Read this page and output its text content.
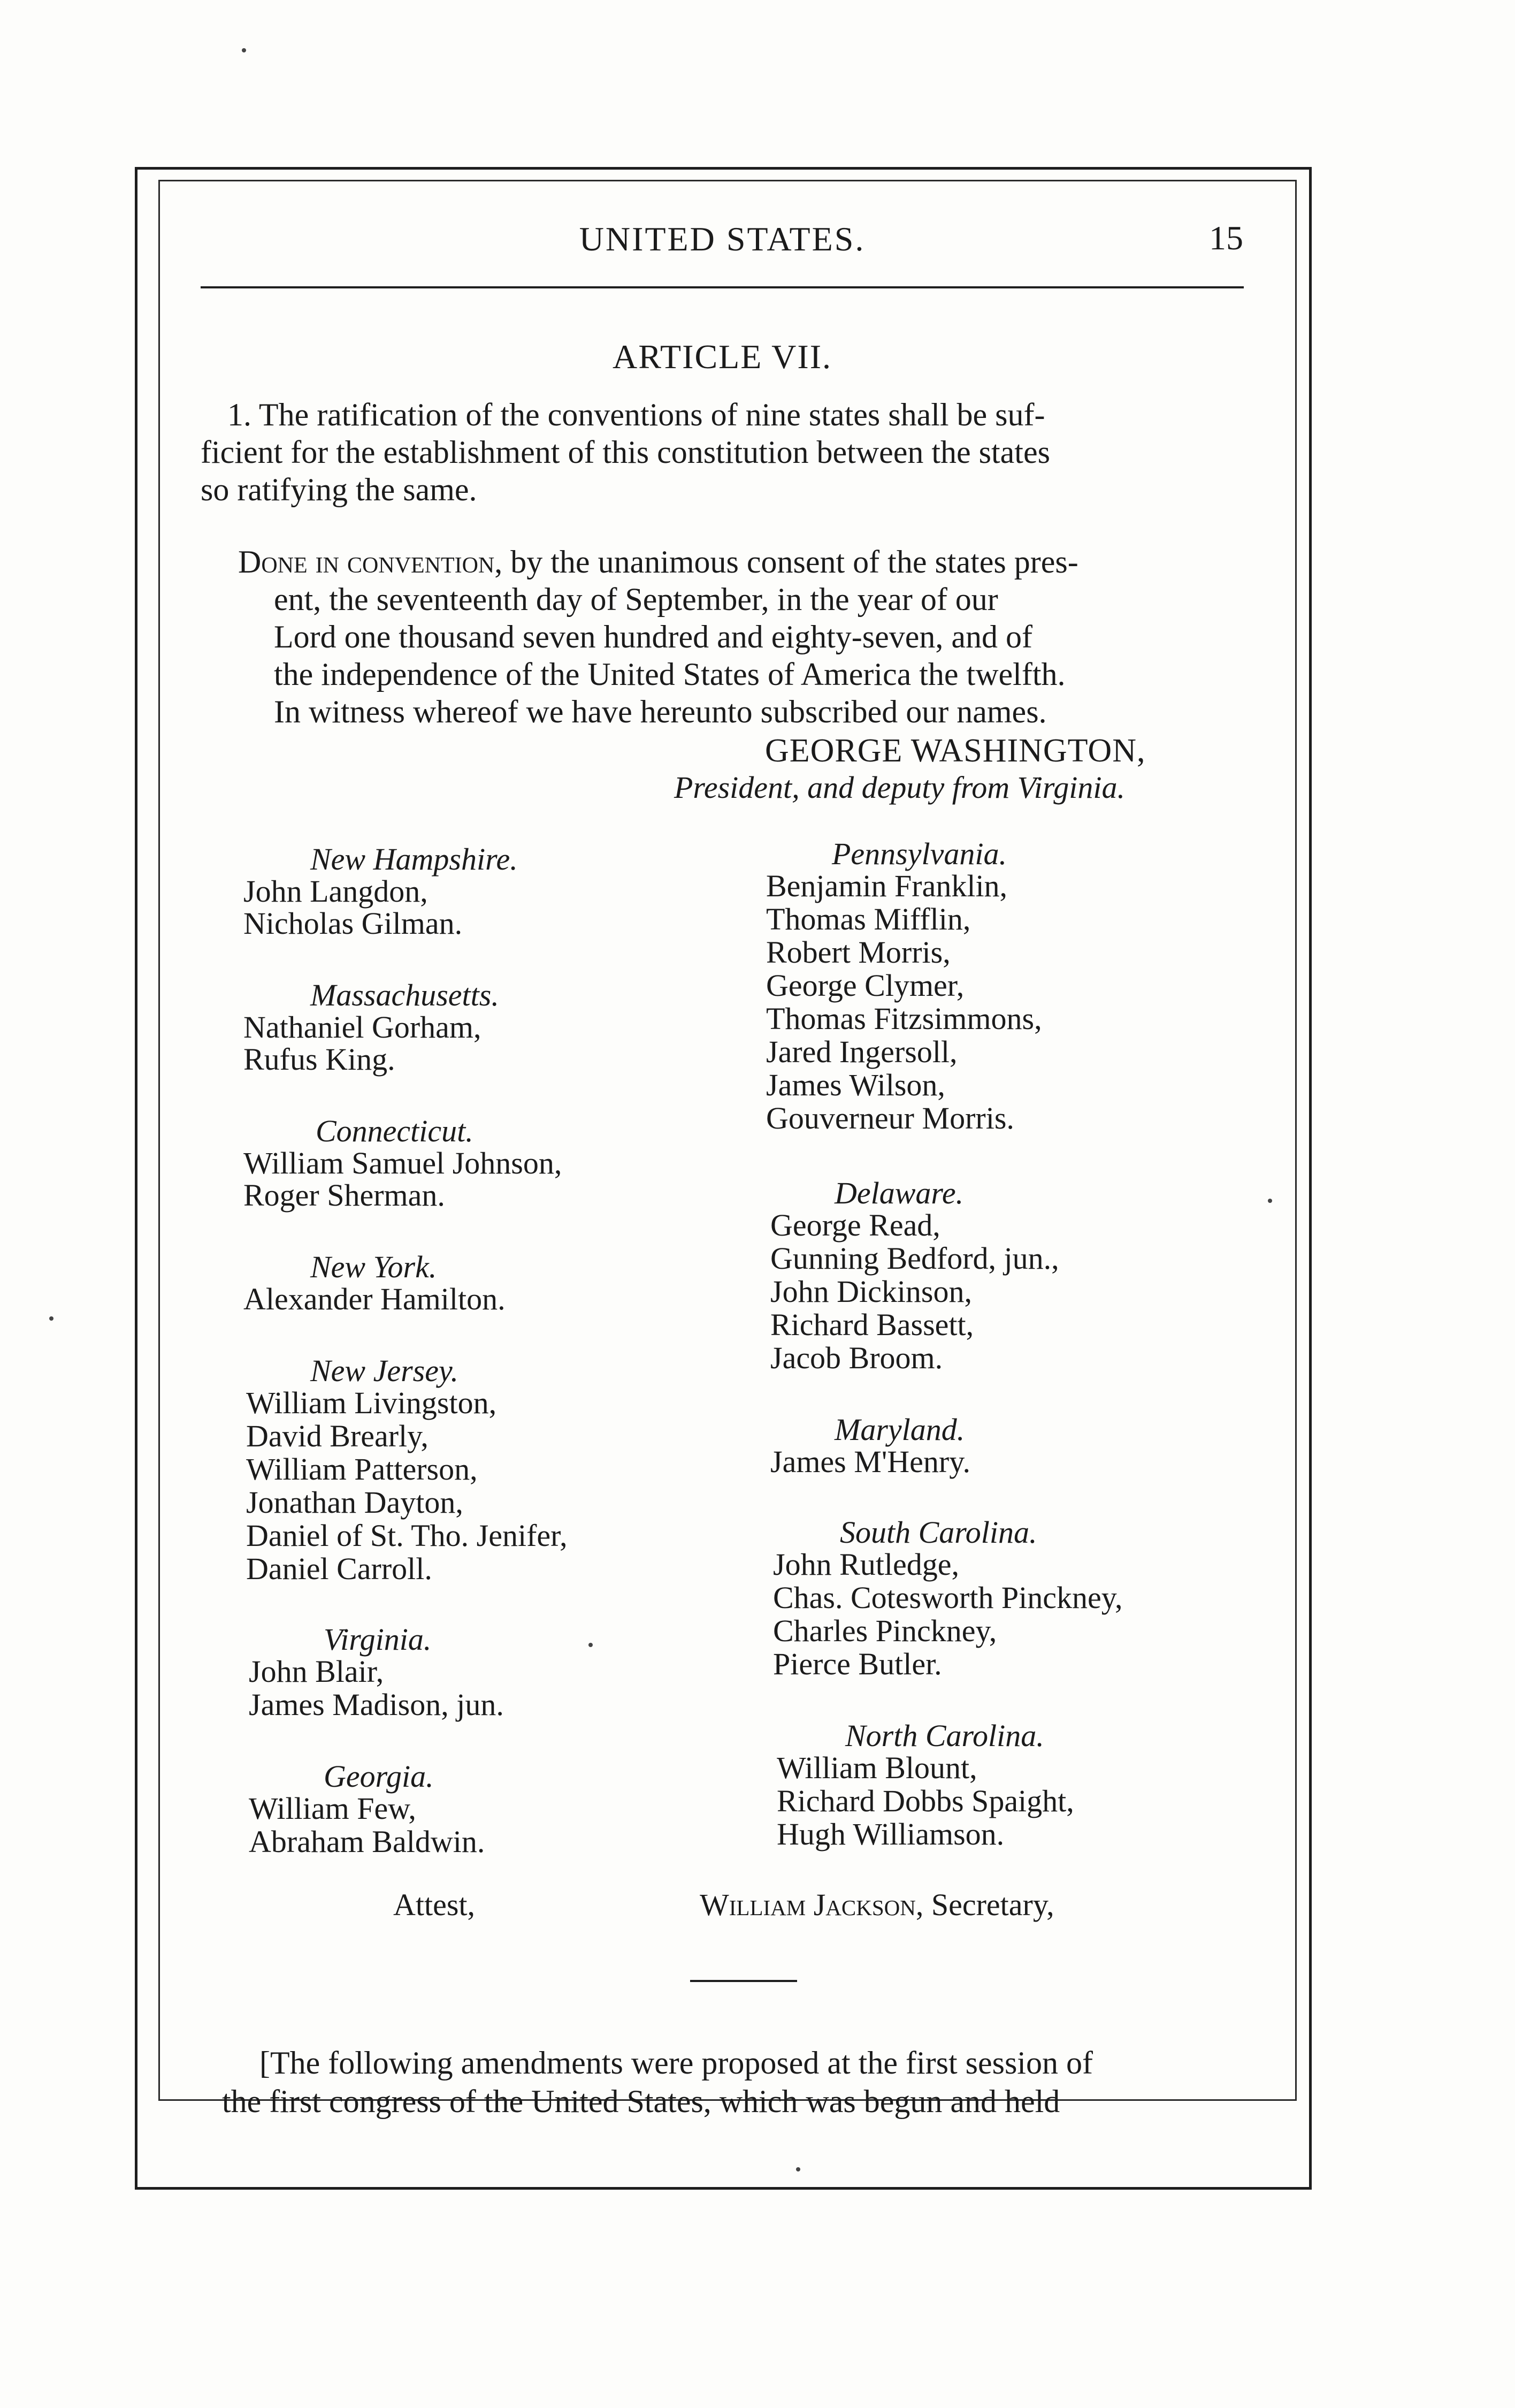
UNITED STATES.	15
ARTICLE VII.
1. The ratification of the conventions of nine states shall be suf-
ficient for the establishment of this constitution between the states
so ratifying the same.
Done in convention, by the unanimous consent of the states pres-
ent, the seventeenth day of September, in the year of our
Lord one thousand seven hundred and eighty-seven, and of
the independence of the United States of America the twelfth.
In witness whereof we have hereunto subscribed our names.
GEORGE WASHINGTON,
President, and deputy from Virginia.
New Hampshire.
John Langdon,
Nicholas Gilman.
Massachusetts.
Nathaniel Gorham,
Rufus King.
Connecticut.
William Samuel Johnson,
Roger Sherman.
New York.
Alexander Hamilton.
New Jersey.
William Livingston,
David Brearly,
William Patterson,
Jonathan Dayton,
Daniel of St. Tho. Jenifer,
Daniel Carroll.
Virginia.
John Blair,
James Madison, jun.
Georgia.
William Few,
Abraham Baldwin.
Pennsylvania.
Benjamin Franklin,
Thomas Mifflin,
Robert Morris,
George Clymer,
Thomas Fitzsimmons,
Jared Ingersoll,
James Wilson,
Gouverneur Morris.
Delaware.
George Read,
Gunning Bedford, jun.,
John Dickinson,
Richard Bassett,
Jacob Broom.
Maryland.
James M'Henry.
South Carolina.
John Rutledge,
Chas. Cotesworth Pinckney,
Charles Pinckney,
Pierce Butler.
North Carolina.
William Blount,
Richard Dobbs Spaight,
Hugh Williamson.
Attest,	William Jackson, Secretary,
[The following amendments were proposed at the first session of
the first congress of the United States, which was begun and held
